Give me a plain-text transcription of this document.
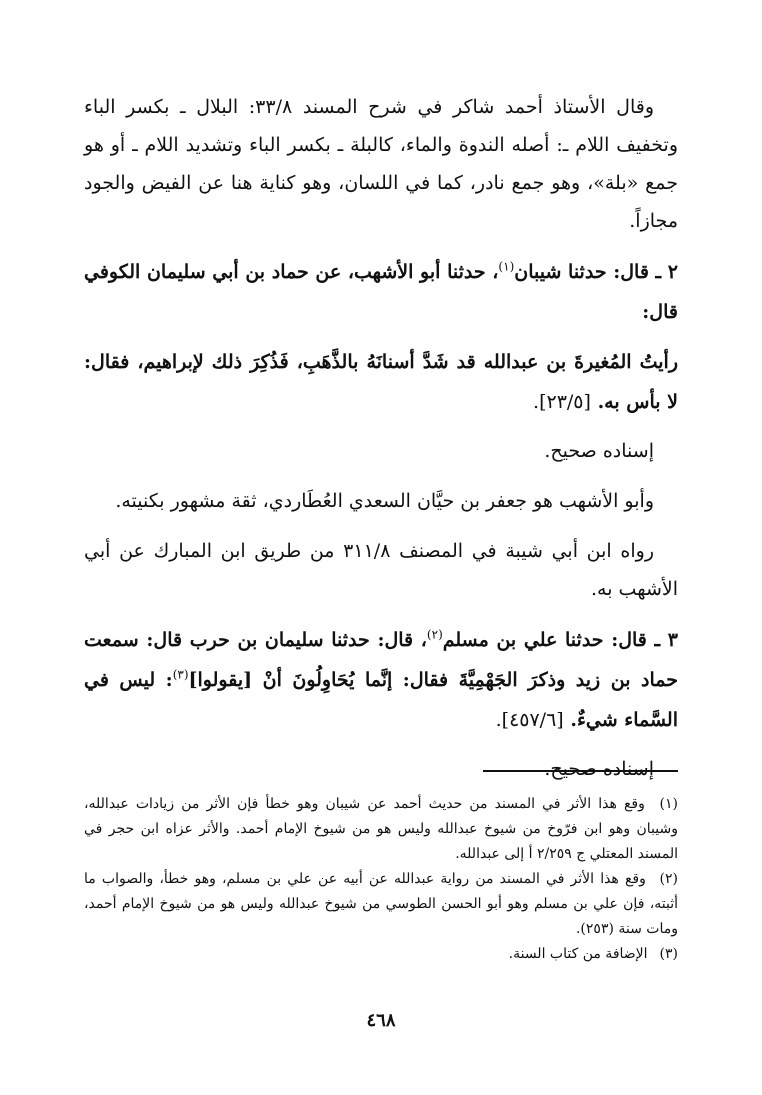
وقال الأستاذ أحمد شاكر في شرح المسند ٣٣/٨: البلال ـ بكسر الباء وتخفيف اللام ـ: أصله الندوة والماء، كالبلة ـ بكسر الباء وتشديد اللام ـ أو هو جمع «بلة»، وهو جمع نادر، كما في اللسان، وهو كناية هنا عن الفيض والجود مجازاً.

٢ ـ قال: حدثنا شيبان$^{(١)}$، حدثنا أبو الأشهب، عن حماد بن أبي سليمان الكوفي قال:

رأيتُ المُغيرةَ بن عبدالله قد شَدَّ أسنانَهُ بالذَّهَبِ، فَذُكِرَ ذلك لإبراهيم، فقال: لا بأس به. [٢٣/٥].

إسناده صحيح.

وأبو الأشهب هو جعفر بن حيَّان السعدي العُطَاردي، ثقة مشهور بكنيته.

رواه ابن أبي شيبة في المصنف ٣١١/٨ من طريق ابن المبارك عن أبي الأشهب به.

٣ ـ قال: حدثنا علي بن مسلم$^{(٢)}$، قال: حدثنا سليمان بن حرب قال: سمعت حماد بن زيد وذكرَ الجَهْمِيَّةَ فقال: إنَّما يُحَاوِلُونَ أنْ [يقولوا]$^{(٣)}$: ليس في السَّماء شيءٌ. [٤٥٧/٦].

إسناده صحيح.

(١) وقع هذا الأثر في المسند من حديث أحمد عن شيبان وهو خطأ فإن الأثر من زيادات عبدالله، وشيبان وهو ابن فرّوخ من شيوخ عبدالله وليس هو من شيوخ الإمام أحمد. والأثر عزاه ابن حجر في المسند المعتلي ج ٢/٢٥٩ أ إلى عبدالله.

(٢) وقع هذا الأثر في المسند من رواية عبدالله عن أبيه عن علي بن مسلم، وهو خطأ، والصواب ما أثبته، فإن علي بن مسلم وهو أبو الحسن الطوسي من شيوخ عبدالله وليس هو من شيوخ الإمام أحمد، ومات سنة (٢٥٣).

(٣) الإضافة من كتاب السنة.

٤٦٨
